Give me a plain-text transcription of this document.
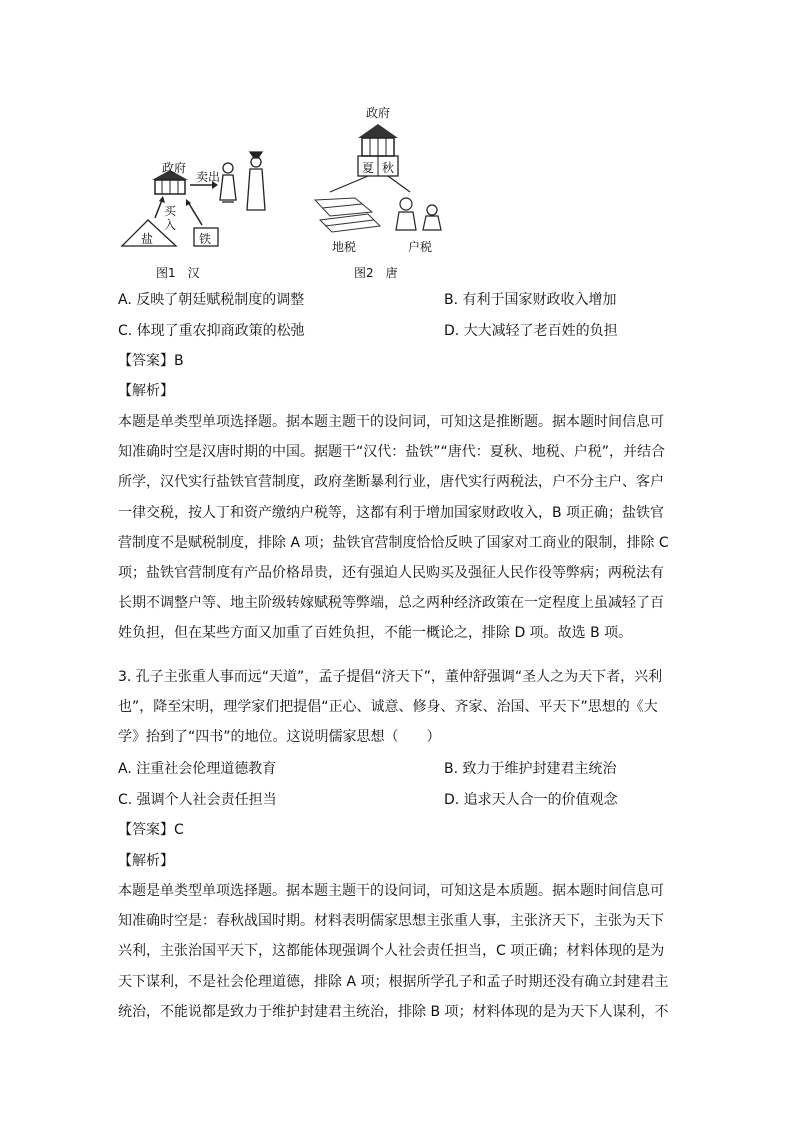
政府
卖出
买入
盐	铁
图1　汉
政府
夏 秋
地税	户税
图2　唐
A. 反映了朝廷赋税制度的调整	B. 有利于国家财政收入增加
C. 体现了重农抑商政策的松弛	D. 大大减轻了老百姓的负担
【答案】B
【解析】
本题是单类型单项选择题。据本题主题干的设问词，可知这是推断题。据本题时间信息可
知准确时空是汉唐时期的中国。据题干“汉代：盐铁”“唐代：夏秋、地税、户税”，并结合
所学，汉代实行盐铁官营制度，政府垄断暴利行业，唐代实行两税法，户不分主户、客户
一律交税，按人丁和资产缴纳户税等，这都有利于增加国家财政收入，B 项正确；盐铁官
营制度不是赋税制度，排除 A 项；盐铁官营制度恰恰反映了国家对工商业的限制，排除 C
项；盐铁官营制度有产品价格昂贵，还有强迫人民购买及强征人民作役等弊病；两税法有
长期不调整户等、地主阶级转嫁赋税等弊端，总之两种经济政策在一定程度上虽减轻了百
姓负担，但在某些方面又加重了百姓负担，不能一概论之，排除 D 项。故选 B 项。
3. 孔子主张重人事而远“天道”，孟子提倡“济天下”，董仲舒强调“圣人之为天下者，兴利
也”，降至宋明，理学家们把提倡“正心、诚意、修身、齐家、治国、平天下”思想的《大
学》抬到了“四书”的地位。这说明儒家思想（　　）
A. 注重社会伦理道德教育	B. 致力于维护封建君主统治
C. 强调个人社会责任担当	D. 追求天人合一的价值观念
【答案】C
【解析】
本题是单类型单项选择题。据本题主题干的设问词，可知这是本质题。据本题时间信息可
知准确时空是：春秋战国时期。材料表明儒家思想主张重人事，主张济天下，主张为天下
兴利，主张治国平天下，这都能体现强调个人社会责任担当，C 项正确；材料体现的是为
天下谋利，不是社会伦理道德，排除 A 项；根据所学孔子和孟子时期还没有确立封建君主
统治，不能说都是致力于维护封建君主统治，排除 B 项；材料体现的是为天下人谋利，不
